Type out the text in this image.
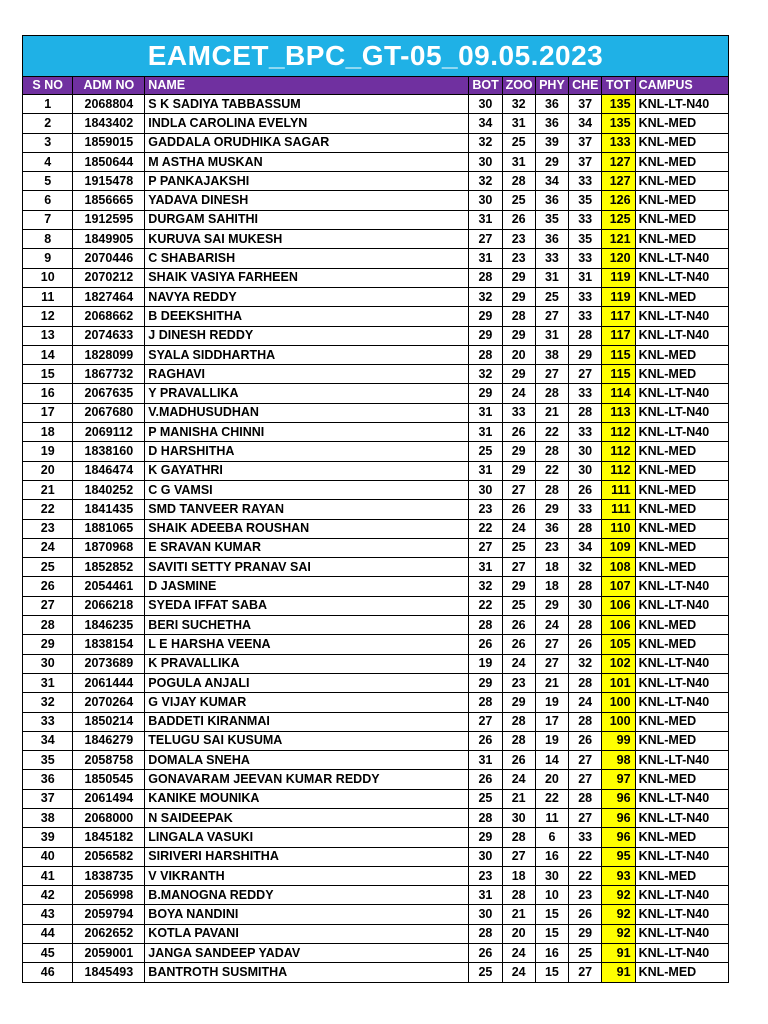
EAMCET_BPC_GT-05_09.05.2023
S NO	ADM NO	NAME	BOT	ZOO	PHY	CHE	TOT	CAMPUS
1	2068804	S K SADIYA TABBASSUM	30	32	36	37	135	KNL-LT-N40
2	1843402	INDLA CAROLINA EVELYN	34	31	36	34	135	KNL-MED
3	1859015	GADDALA ORUDHIKA SAGAR	32	25	39	37	133	KNL-MED
4	1850644	M ASTHA MUSKAN	30	31	29	37	127	KNL-MED
5	1915478	P PANKAJAKSHI	32	28	34	33	127	KNL-MED
6	1856665	YADAVA DINESH	30	25	36	35	126	KNL-MED
7	1912595	DURGAM SAHITHI	31	26	35	33	125	KNL-MED
8	1849905	KURUVA SAI MUKESH	27	23	36	35	121	KNL-MED
9	2070446	C SHABARISH	31	23	33	33	120	KNL-LT-N40
10	2070212	SHAIK VASIYA FARHEEN	28	29	31	31	119	KNL-LT-N40
11	1827464	NAVYA REDDY	32	29	25	33	119	KNL-MED
12	2068662	B DEEKSHITHA	29	28	27	33	117	KNL-LT-N40
13	2074633	J DINESH REDDY	29	29	31	28	117	KNL-LT-N40
14	1828099	SYALA SIDDHARTHA	28	20	38	29	115	KNL-MED
15	1867732	RAGHAVI	32	29	27	27	115	KNL-MED
16	2067635	Y PRAVALLIKA	29	24	28	33	114	KNL-LT-N40
17	2067680	V.MADHUSUDHAN	31	33	21	28	113	KNL-LT-N40
18	2069112	P MANISHA CHINNI	31	26	22	33	112	KNL-LT-N40
19	1838160	D HARSHITHA	25	29	28	30	112	KNL-MED
20	1846474	K GAYATHRI	31	29	22	30	112	KNL-MED
21	1840252	C G VAMSI	30	27	28	26	111	KNL-MED
22	1841435	SMD TANVEER RAYAN	23	26	29	33	111	KNL-MED
23	1881065	SHAIK ADEEBA ROUSHAN	22	24	36	28	110	KNL-MED
24	1870968	E SRAVAN KUMAR	27	25	23	34	109	KNL-MED
25	1852852	SAVITI SETTY PRANAV SAI	31	27	18	32	108	KNL-MED
26	2054461	D JASMINE	32	29	18	28	107	KNL-LT-N40
27	2066218	SYEDA IFFAT SABA	22	25	29	30	106	KNL-LT-N40
28	1846235	BERI SUCHETHA	28	26	24	28	106	KNL-MED
29	1838154	L E HARSHA VEENA	26	26	27	26	105	KNL-MED
30	2073689	K PRAVALLIKA	19	24	27	32	102	KNL-LT-N40
31	2061444	POGULA ANJALI	29	23	21	28	101	KNL-LT-N40
32	2070264	G VIJAY KUMAR	28	29	19	24	100	KNL-LT-N40
33	1850214	BADDETI KIRANMAI	27	28	17	28	100	KNL-MED
34	1846279	TELUGU SAI KUSUMA	26	28	19	26	99	KNL-MED
35	2058758	DOMALA SNEHA	31	26	14	27	98	KNL-LT-N40
36	1850545	GONAVARAM JEEVAN KUMAR REDDY	26	24	20	27	97	KNL-MED
37	2061494	KANIKE MOUNIKA	25	21	22	28	96	KNL-LT-N40
38	2068000	N SAIDEEPAK	28	30	11	27	96	KNL-LT-N40
39	1845182	LINGALA VASUKI	29	28	6	33	96	KNL-MED
40	2056582	SIRIVERI HARSHITHA	30	27	16	22	95	KNL-LT-N40
41	1838735	V VIKRANTH	23	18	30	22	93	KNL-MED
42	2056998	B.MANOGNA REDDY	31	28	10	23	92	KNL-LT-N40
43	2059794	BOYA NANDINI	30	21	15	26	92	KNL-LT-N40
44	2062652	KOTLA PAVANI	28	20	15	29	92	KNL-LT-N40
45	2059001	JANGA SANDEEP YADAV	26	24	16	25	91	KNL-LT-N40
46	1845493	BANTROTH SUSMITHA	25	24	15	27	91	KNL-MED
